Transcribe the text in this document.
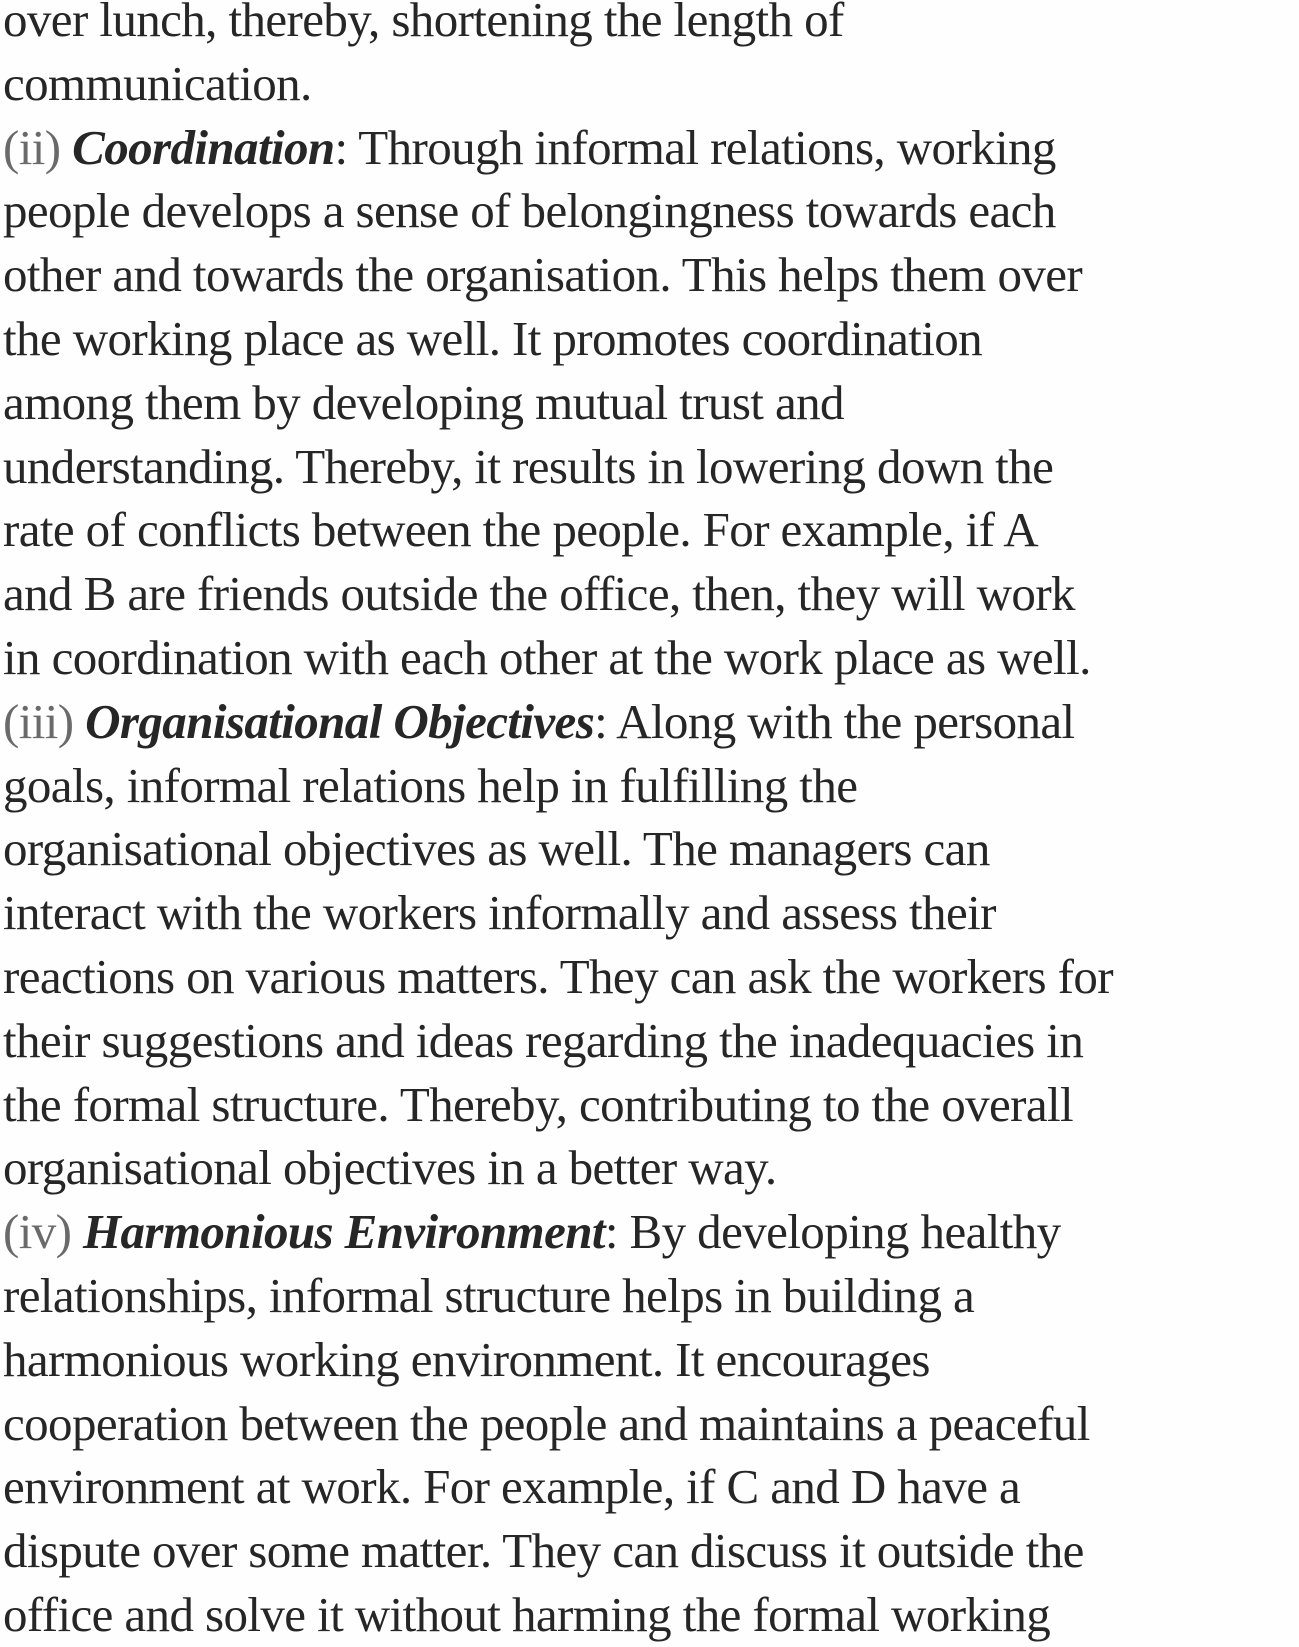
over lunch, thereby, shortening the length of
communication.
(ii) Coordination: Through informal relations, working
people develops a sense of belongingness towards each
other and towards the organisation. This helps them over
the working place as well. It promotes coordination
among them by developing mutual trust and
understanding. Thereby, it results in lowering down the
rate of conflicts between the people. For example, if A
and B are friends outside the office, then, they will work
in coordination with each other at the work place as well.
(iii) Organisational Objectives: Along with the personal
goals, informal relations help in fulfilling the
organisational objectives as well. The managers can
interact with the workers informally and assess their
reactions on various matters. They can ask the workers for
their suggestions and ideas regarding the inadequacies in
the formal structure. Thereby, contributing to the overall
organisational objectives in a better way.
(iv) Harmonious Environment: By developing healthy
relationships, informal structure helps in building a
harmonious working environment. It encourages
cooperation between the people and maintains a peaceful
environment at work. For example, if C and D have a
dispute over some matter. They can discuss it outside the
office and solve it without harming the formal working
